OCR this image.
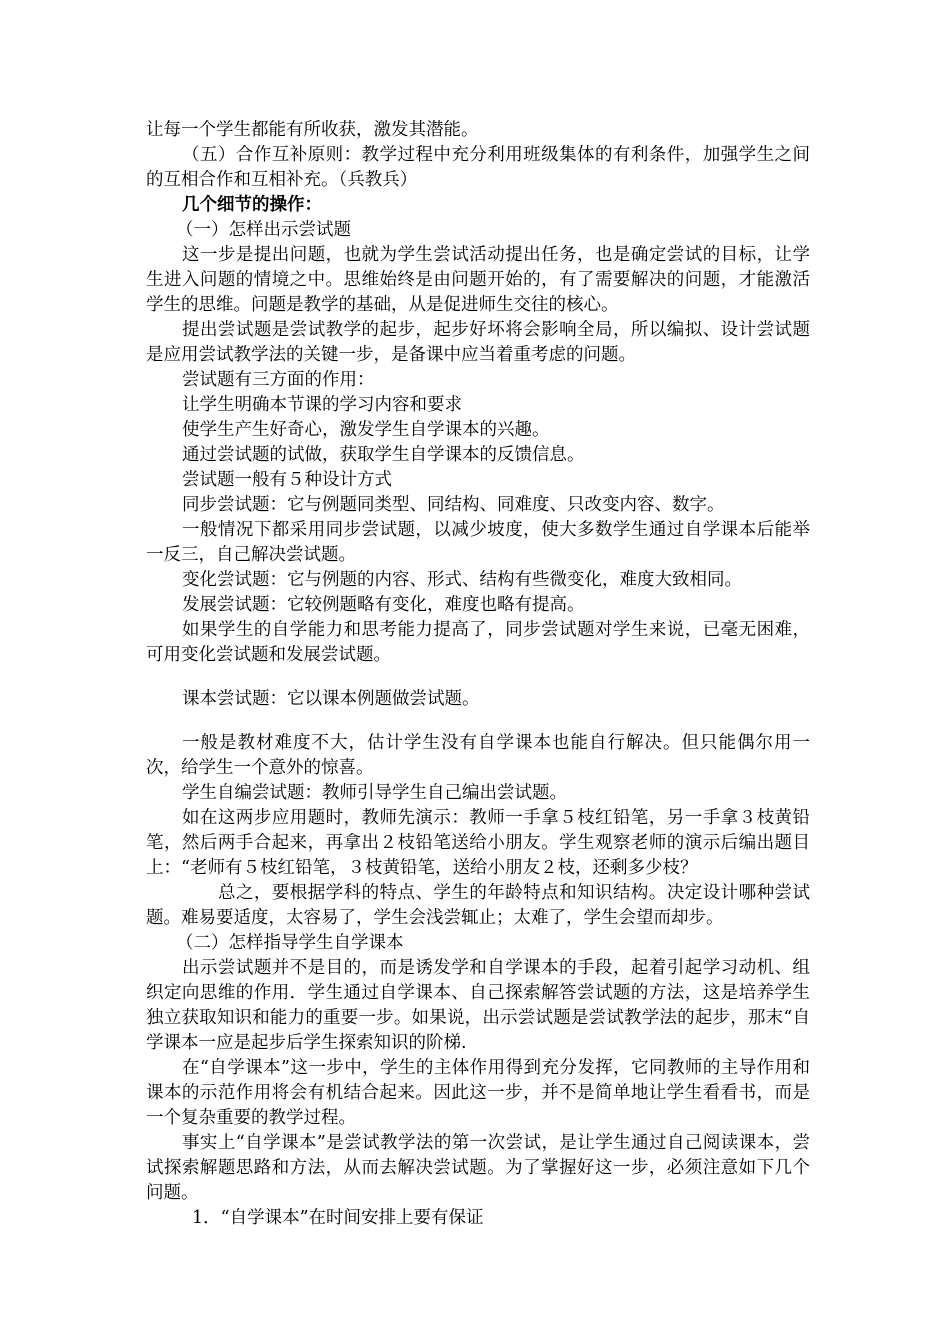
让每一个学生都能有所收获，激发其潜能。

（五）合作互补原则：教学过程中充分利用班级集体的有利条件，加强学生之间的互相合作和互相补充。（兵教兵）

几个细节的操作：

（一）怎样出示尝试题

这一步是提出问题，也就为学生尝试活动提出任务，也是确定尝试的目标，让学生进入问题的情境之中。思维始终是由问题开始的，有了需要解决的问题，才能激活学生的思维。问题是教学的基础，从是促进师生交往的核心。

提出尝试题是尝试教学的起步，起步好坏将会影响全局，所以编拟、设计尝试题是应用尝试教学法的关键一步，是备课中应当着重考虑的问题。

尝试题有三方面的作用：

让学生明确本节课的学习内容和要求

使学生产生好奇心，激发学生自学课本的兴趣。

通过尝试题的试做，获取学生自学课本的反馈信息。

尝试题一般有５种设计方式

同步尝试题：它与例题同类型、同结构、同难度、只改变内容、数字。

一般情况下都采用同步尝试题，以减少坡度，使大多数学生通过自学课本后能举一反三，自己解决尝试题。

变化尝试题：它与例题的内容、形式、结构有些微变化，难度大致相同。

发展尝试题：它较例题略有变化，难度也略有提高。

如果学生的自学能力和思考能力提高了，同步尝试题对学生来说，已毫无困难，可用变化尝试题和发展尝试题。

课本尝试题：它以课本例题做尝试题。

一般是教材难度不大，估计学生没有自学课本也能自行解决。但只能偶尔用一次，给学生一个意外的惊喜。

学生自编尝试题：教师引导学生自己编出尝试题。

如在这两步应用题时，教师先演示：教师一手拿５枝红铅笔，另一手拿３枝黄铅笔，然后两手合起来，再拿出２枝铅笔送给小朋友。学生观察老师的演示后编出题目上：“老师有５枝红铅笔，３枝黄铅笔，送给小朋友２枝，还剩多少枝？

总之，要根据学科的特点、学生的年龄特点和知识结构。决定设计哪种尝试题。难易要适度，太容易了，学生会浅尝辄止；太难了，学生会望而却步。

（二）怎样指导学生自学课本

出示尝试题并不是目的，而是诱发学和自学课本的手段，起着引起学习动机、组织定向思维的作用．学生通过自学课本、自己探索解答尝试题的方法，这是培养学生独立获取知识和能力的重要一步。如果说，出示尝试题是尝试教学法的起步，那末“自学课本一应是起步后学生探索知识的阶梯.

在“自学课本”这一步中，学生的主体作用得到充分发挥，它同教师的主导作用和课本的示范作用将会有机结合起来。因此这一步，并不是简单地让学生看看书，而是一个复杂重要的教学过程。

事实上“自学课本”是尝试教学法的第一次尝试，是让学生通过自己阅读课本，尝试探索解题思路和方法，从而去解决尝试题。为了掌握好这一步，必须注意如下几个问题。

1．“自学课本”在时间安排上要有保证
